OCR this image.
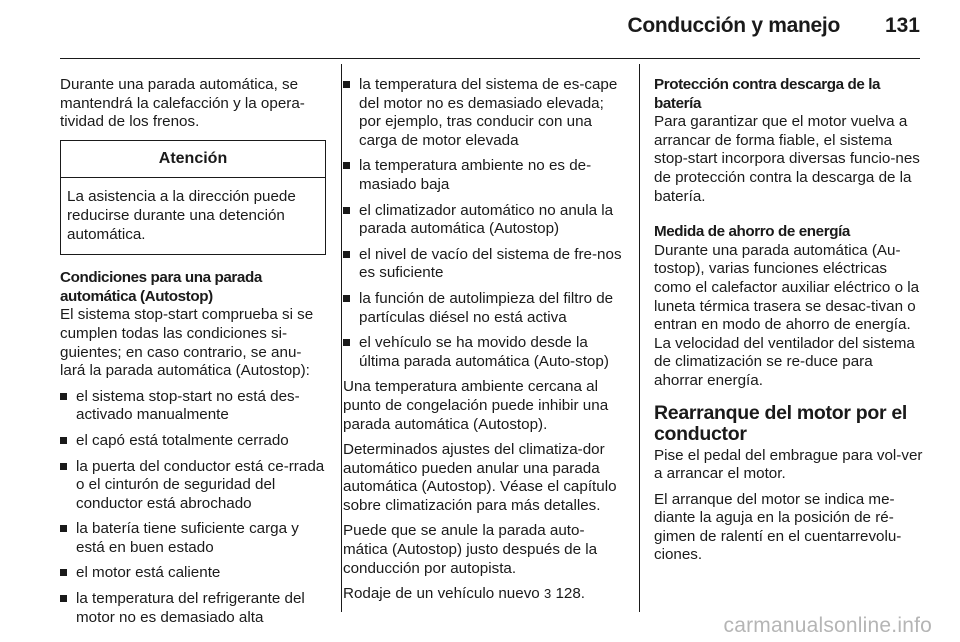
Conducción y manejo 131

Durante una parada automática, se mantendrá la calefacción y la opera-tividad de los frenos.

Atención
La asistencia a la dirección puede reducirse durante una detención automática.
Condiciones para una parada automática (Autostop)

El sistema stop-start comprueba si se cumplen todas las condiciones si-guientes; en caso contrario, se anu-lará la parada automática (Autostop):

el sistema stop-start no está des-activado manualmente
el capó está totalmente cerrado
la puerta del conductor está ce-rrada o el cinturón de seguridad del conductor está abrochado
la batería tiene suficiente carga y está en buen estado
el motor está caliente
la temperatura del refrigerante del motor no es demasiado alta
la temperatura del sistema de es-cape del motor no es demasiado elevada; por ejemplo, tras conducir con una carga de motor elevada
la temperatura ambiente no es de-masiado baja
el climatizador automático no anula la parada automática (Autostop)
el nivel de vacío del sistema de fre-nos es suficiente
la función de autolimpieza del filtro de partículas diésel no está activa
el vehículo se ha movido desde la última parada automática (Auto-stop)

Una temperatura ambiente cercana al punto de congelación puede inhibir una parada automática (Autostop).

Determinados ajustes del climatiza-dor automático pueden anular una parada automática (Autostop). Véase el capítulo sobre climatización para más detalles.

Puede que se anule la parada auto-mática (Autostop) justo después de la conducción por autopista.

Rodaje de un vehículo nuevo 3 128.

Protección contra descarga de la batería

Para garantizar que el motor vuelva a arrancar de forma fiable, el sistema stop-start incorpora diversas funcio-nes de protección contra la descarga de la batería.

Medida de ahorro de energía

Durante una parada automática (Au-tostop), varias funciones eléctricas como el calefactor auxiliar eléctrico o la luneta térmica trasera se desac-tivan o entran en modo de ahorro de energía. La velocidad del ventilador del sistema de climatización se re-duce para ahorrar energía.

Rearranque del motor por el conductor

Pise el pedal del embrague para vol-ver a arrancar el motor.

El arranque del motor se indica me-diante la aguja en la posición de ré-gimen de ralentí en el cuentarrevolu-ciones.

carmanualsonline.info
